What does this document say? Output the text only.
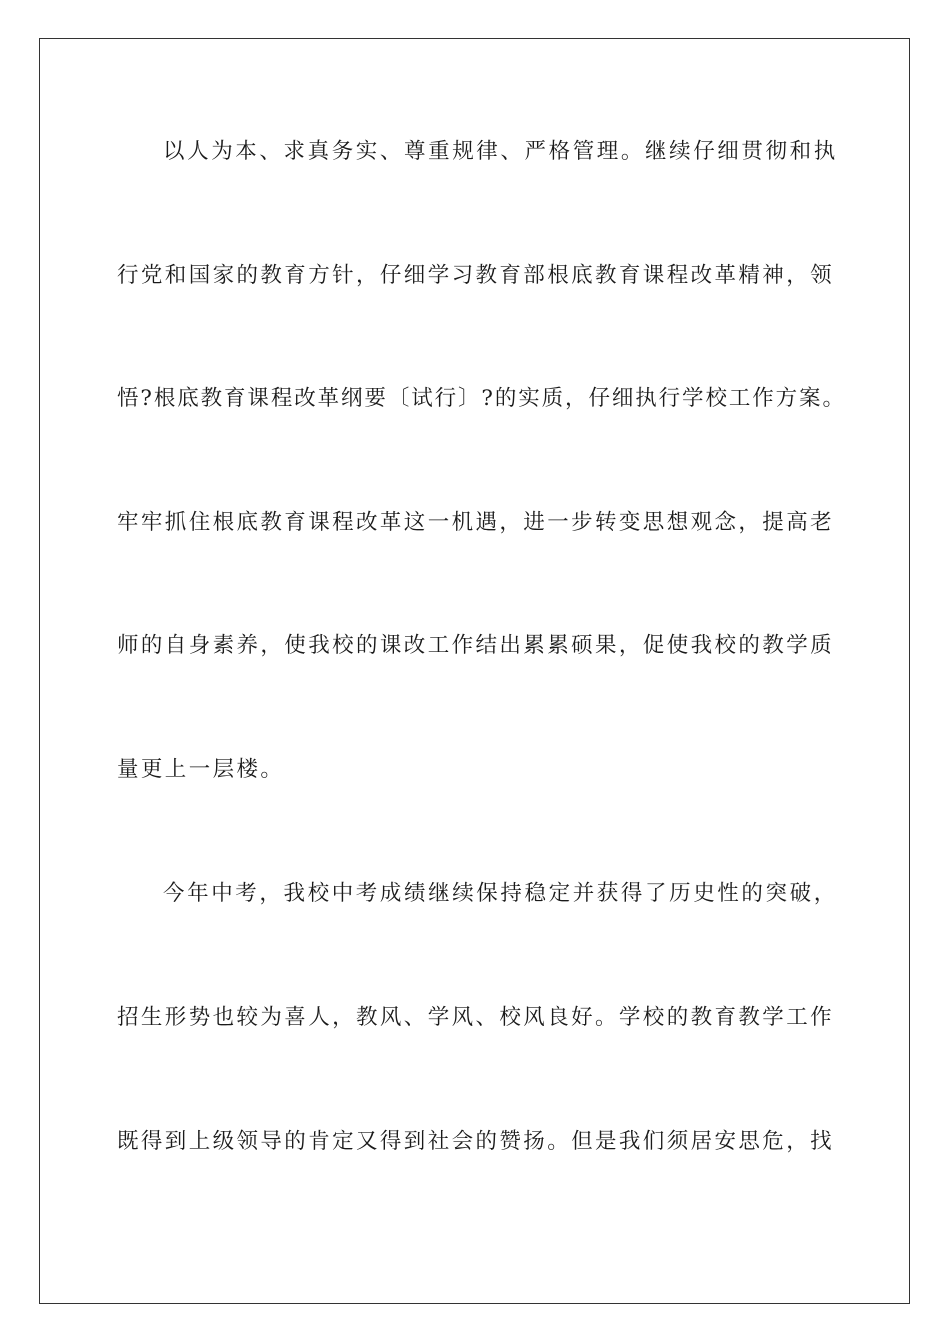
以人为本、求真务实、尊重规律、严格管理。继续仔细贯彻和执
行党和国家的教育方针，仔细学习教育部根底教育课程改革精神，领
悟?根底教育课程改革纲要〔试行〕?的实质，仔细执行学校工作方案。
牢牢抓住根底教育课程改革这一机遇，进一步转变思想观念，提高老
师的自身素养，使我校的课改工作结出累累硕果，促使我校的教学质
量更上一层楼。
今年中考，我校中考成绩继续保持稳定并获得了历史性的突破，
招生形势也较为喜人，教风、学风、校风良好。学校的教育教学工作
既得到上级领导的肯定又得到社会的赞扬。但是我们须居安思危，找
